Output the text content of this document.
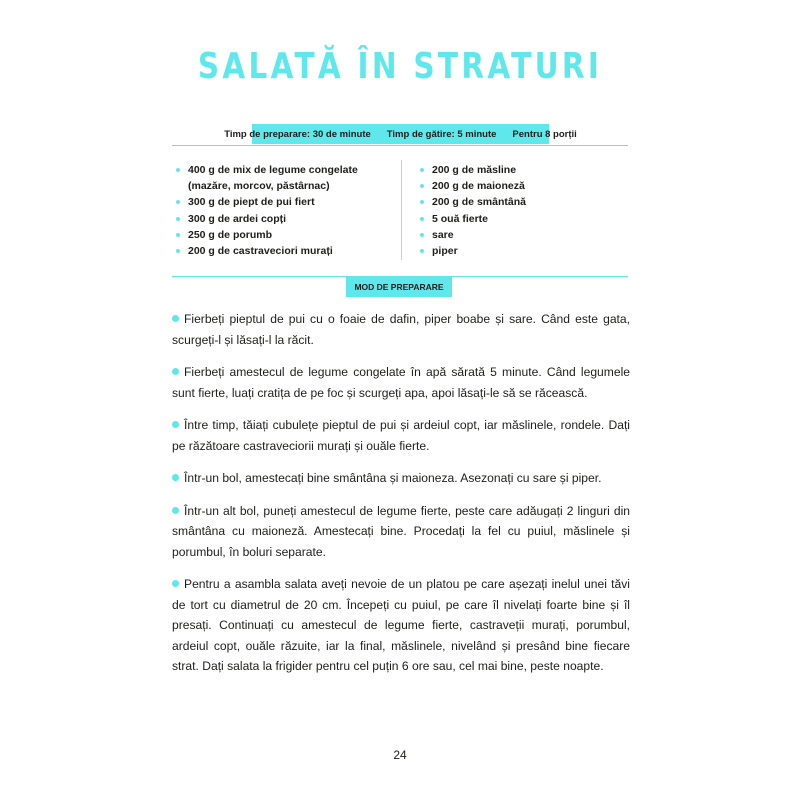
SALATĂ ÎN STRATURI
Timp de preparare: 30 de minute Timp de gătire: 5 minute Pentru 8 porții
400 g de mix de legume congelate (mazăre, morcov, păstârnac)
300 g de piept de pui fiert
300 g de ardei copți
250 g de porumb
200 g de castraveciori murați
200 g de măsline
200 g de maioneză
200 g de smântână
5 ouă fierte
sare
piper
MOD DE PREPARARE

Fierbeți pieptul de pui cu o foaie de dafin, piper boabe și sare. Când este gata, scurgeți-l și lăsați-l la răcit.

Fierbeți amestecul de legume congelate în apă sărată 5 minute. Când legumele sunt fierte, luați cratița de pe foc și scurgeți apa, apoi lăsați-le să se răcească.

Între timp, tăiați cubulețe pieptul de pui și ardeiul copt, iar măslinele, rondele. Dați pe răzătoare castraveciorii murați și ouăle fierte.

Într-un bol, amestecați bine smântâna și maioneza. Asezonați cu sare și piper.

Într-un alt bol, puneți amestecul de legume fierte, peste care adăugați 2 linguri din smântâna cu maioneză. Amestecați bine. Procedați la fel cu puiul, măslinele și porumbul, în boluri separate.

Pentru a asambla salata aveți nevoie de un platou pe care așezați inelul unei tăvi de tort cu diametrul de 20 cm. Începeți cu puiul, pe care îl nivelați foarte bine și îl presați. Continuați cu amestecul de legume fierte, castraveții murați, porumbul, ardeiul copt, ouăle răzuite, iar la final, măslinele, nivelând și presând bine fiecare strat. Dați salata la frigider pentru cel puțin 6 ore sau, cel mai bine, peste noapte.

24
